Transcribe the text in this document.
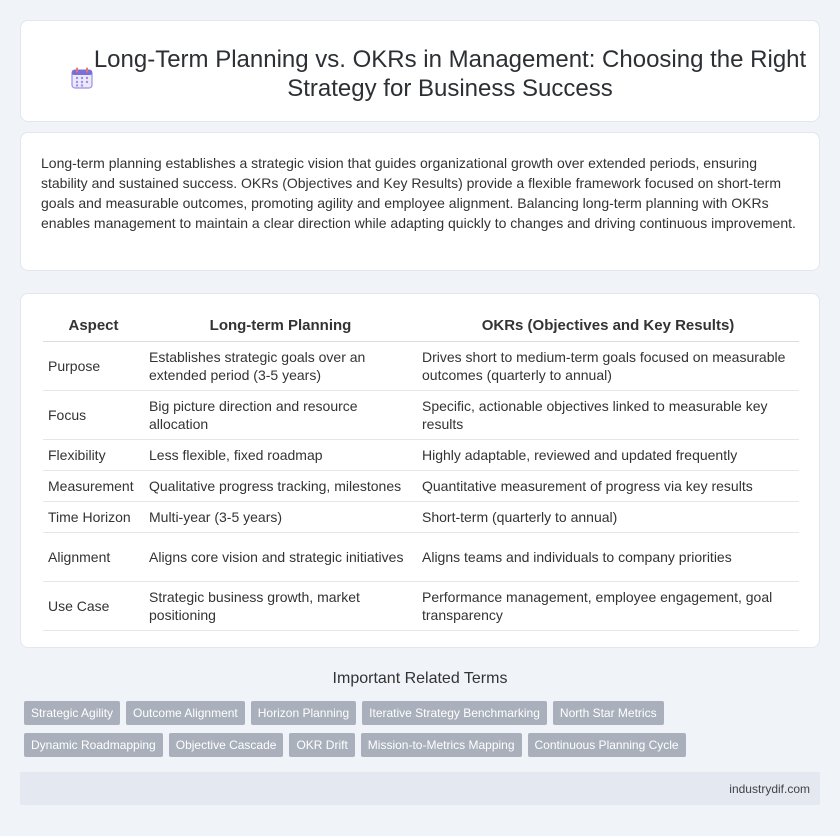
Long-Term Planning vs. OKRs in Management: Choosing the Right Strategy for Business Success

Long-term planning establishes a strategic vision that guides organizational growth over extended periods, ensuring stability and sustained success. OKRs (Objectives and Key Results) provide a flexible framework focused on short-term goals and measurable outcomes, promoting agility and employee alignment. Balancing long-term planning with OKRs enables management to maintain a clear direction while adapting quickly to changes and driving continuous improvement.

Aspect	Long-term Planning	OKRs (Objectives and Key Results)
Purpose	Establishes strategic goals over an extended period (3-5 years)	Drives short to medium-term goals focused on measurable outcomes (quarterly to annual)
Focus	Big picture direction and resource allocation	Specific, actionable objectives linked to measurable key results
Flexibility	Less flexible, fixed roadmap	Highly adaptable, reviewed and updated frequently
Measurement	Qualitative progress tracking, milestones	Quantitative measurement of progress via key results
Time Horizon	Multi-year (3-5 years)	Short-term (quarterly to annual)
Alignment	Aligns core vision and strategic initiatives	Aligns teams and individuals to company priorities
Use Case	Strategic business growth, market positioning	Performance management, employee engagement, goal transparency
Important Related Terms
Strategic Agility	Outcome Alignment	Horizon Planning	Iterative Strategy Benchmarking	North Star Metrics
Dynamic Roadmapping	Objective Cascade	OKR Drift	Mission-to-Metrics Mapping	Continuous Planning Cycle
industrydif.com
